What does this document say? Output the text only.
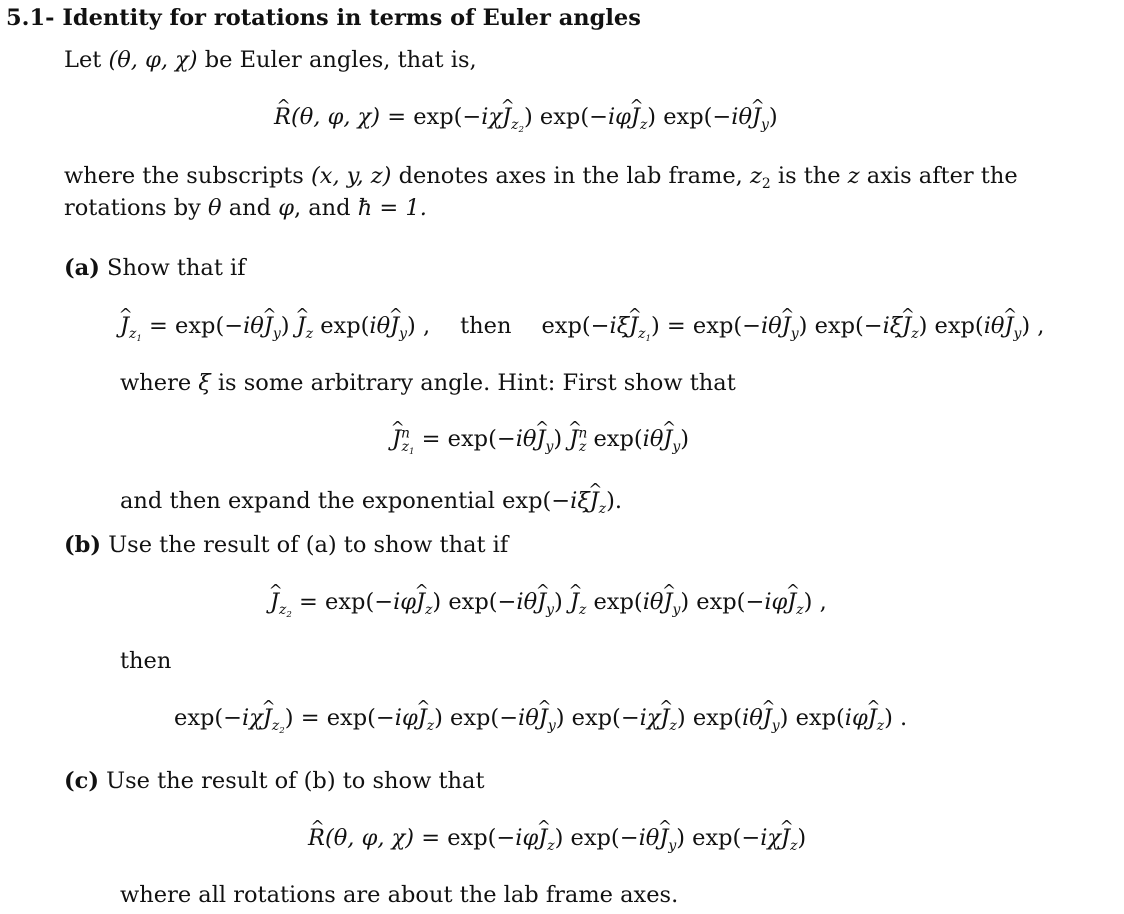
5.1- Identity for rotations in terms of Euler angles
Let (θ, φ, χ) be Euler angles, that is,
^ R(θ, φ, χ) = exp(−iχ^ $J_{z_2}$) exp(−iφ^ $J_z$) exp(−iθ^ $J_y$)
where the subscripts (x, y, z) denotes axes in the lab frame, $z_2$ is the z axis after the
rotations by θ and φ, and ħ = 1.
(a) Show that if
^ $J_{z_1}$ = exp(−iθ^ $J_y$) ^ $J_z$ exp(iθ^ $J_y$) , then exp(−iξ^ $J_{z_1}$) = exp(−iθ^ $J_y$) exp(−iξ^ $J_z$) exp(iθ^ $J_y$) ,
where ξ is some arbitrary angle. Hint: First show that
^ $J^n_{z_1}$ = exp(−iθ^ $J_y$) ^ $J^n_z$ exp(iθ^ $J_y$)
and then expand the exponential exp(−iξ^ $J_z$).
(b) Use the result of (a) to show that if
^ $J_{z_2}$ = exp(−iφ^ $J_z$) exp(−iθ^ $J_y$) ^ $J_z$ exp(iθ^ $J_y$) exp(−iφ^ $J_z$) ,
then
exp(−iχ^ $J_{z_2}$) = exp(−iφ^ $J_z$) exp(−iθ^ $J_y$) exp(−iχ^ $J_z$) exp(iθ^ $J_y$) exp(iφ^ $J_z$) .
(c) Use the result of (b) to show that
^ R(θ, φ, χ) = exp(−iφ^ $J_z$) exp(−iθ^ $J_y$) exp(−iχ^ $J_z$)
where all rotations are about the lab frame axes.
